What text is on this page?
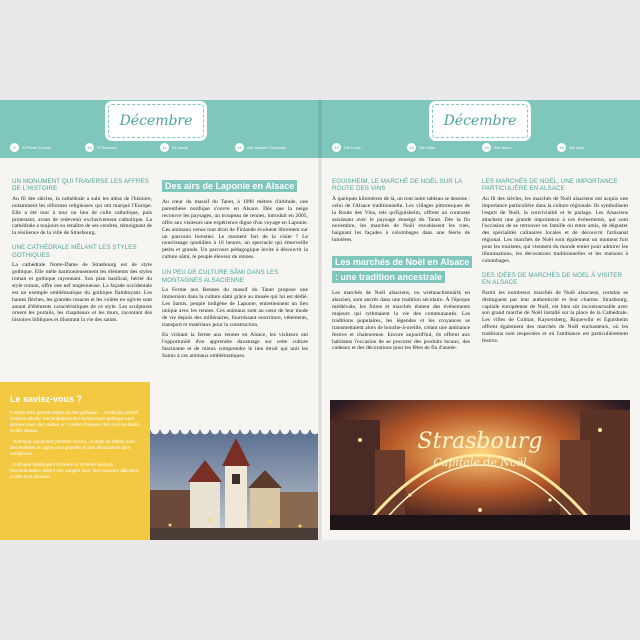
Décembre	Décembre
9	St Pierre Fourier	10	St Romaric	11	St Daniel	12	Ste Jeanne Françoise	13	Ste Lucie	14	Ste Odile	15	Ste Ninon	16	Ste Alice
UN MONUMENT QUI TRAVERSE LES AFFRES DE L'HISTOIRE

Au fil des siècles, la cathédrale a subi les aléas de l'histoire, notamment les réformes religieuses qui ont marqué l'Europe. Elle a été tour à tour un lieu de culte catholique, puis protestant, avant de redevenir exclusivement catholique. La cathédrale a toujours su renaître de ses cendres, témoignant de la résilience de la ville de Strasbourg.

UNE CATHÉDRALE MÊLANT LES STYLES GOTHIQUES

La cathédrale Notre-Dame de Strasbourg est de style gothique. Elle mêle harmonieusement les éléments des styles roman et gothique rayonnant. Son plan basilical, hérité du style roman, offre une nef majestueuse. La façade occidentale est un exemple emblématique du gothique flamboyant. Les hautes flèches, les grandes rosaces et les voûtes en ogives sont autant d'éléments caractéristiques de ce style. Les sculptures ornent les portails, les chapiteaux et les murs, racontant des histoires bibliques et illustrant la vie des saints.

Le saviez-vous ?

Il existe trois grands styles de l'art gothique : - Gothique primitif (XIIème siècle): les fondations de l'architecture gothique sont posées avec des voûtes en croisée d'ogives, des arcs-boutants et des vitraux.

- Gothique rayonnant (XIIIème siècle) : le style se raffine avec des fenêtres en ogive plus grandes et des décorations plus complexes.

- Gothique flamboyant (XVème et XVIème siècles) : l'ornementation atteint son apogée avec des traceries délicates et des arcs sinueux.

Des airs de Laponie en Alsace

Au cœur du massif du Tanet, à 1096 mètres d'altitude, une parenthèse nordique s'ouvre en Alsace. Dès que la neige recouvre les paysages, un troupeau de rennes, introduit en 2005, offre aux visiteurs une expérience digne d'un voyage en Laponie. Ces animaux venus tout droit de Finlande évoluent librement sur un parcours forestier. Le moment fort de la visite ? Le nourrissage quotidien à 16 heures, un spectacle qui émerveille petits et grands. Un parcours pédagogique invite à découvrir la culture sâmi, le peuple éleveur de rennes.

UN PEU DE CULTURE SÂMI DANS LES MONTAGNES ALSACIENNE

La Ferme aux Rennes du massif du Tanet propose une immersion dans la culture sâmi grâce au musée qui lui est dédié. Les Samis, peuple indigène de Laponie, entretiennent un lien unique avec les rennes. Ces animaux sont au cœur de leur mode de vie depuis des millénaires, fournissant nourriture, vêtements, transport et matériaux pour la construction.

En visitant la ferme aux rennes en Alsace, les visiteurs ont l'opportunité d'en apprendre davantage sur cette culture fascinante et de mieux comprendre le lien étroit qui unit les Samis à ces animaux emblématiques.

EGUISHEIM, LE MARCHÉ DE NOËL SUR LA ROUTE DES VINS

À quelques kilomètres de là, un tout autre tableau se dessine : celui de l'Alsace traditionnelle. Les villages pittoresques de la Route des Vins, tels qu'Eguisheim, offrent un contraste saisissant avec le paysage enneigé du Tanet. Dès la fin novembre, les marchés de Noël envahissent les rues, baignant les façades à colombages dans une féerie de lumières.

Les marchés de Noël en Alsace : une tradition ancestrale

Les marchés de Noël alsaciens, ou wiehnachtsmärik en alsacien, sont ancrés dans une tradition séculaire. À l'époque médiévale, les foires et marchés étaient des événements majeurs qui rythmaient la vie des communautés. Les traditions populaires, les légendes et les croyances se transmettaient alors de bouche-à-oreille, créant une ambiance festive et chaleureuse. Encore aujourd'hui, ils offrent aux habitants l'occasion de se procurer des produits locaux, des cadeaux et des décorations pour les fêtes de fin d'année.

LES MARCHÉS DE NOËL, UNE IMPORTANCE PARTICULIÈRE EN ALSACE

Au fil des siècles, les marchés de Noël alsaciens ont acquis une importance particulière dans la culture régionale. Ils symbolisent l'esprit de Noël, la convivialité et le partage. Les Alsaciens attachent une grande importance à ces événements, qui sont l'occasion de se retrouver en famille ou entre amis, de déguster des spécialités culinaires locales et de découvrir l'artisanat régional. Les marchés de Noël sont également un moment fort pour les touristes, qui viennent du monde entier pour admirer les illuminations, les décorations traditionnelles et les maisons à colombages.

DES IDÉES DE MARCHÉS DE NOËL À VISITER EN ALSACE

Parmi les nombreux marchés de Noël alsaciens, certains se distinguent par leur authenticité et leur charme. Strasbourg, capitale européenne de Noël, est bien sûr incontournable avec son grand marché de Noël installé sur la place de la Cathédrale. Les villes de Colmar, Kaysersberg, Riquewihr et Eguisheim offrent également des marchés de Noël enchanteurs, où les traditions sont respectées et où l'ambiance est particulièrement festive.

Strasbourg
Capitale de Noël
